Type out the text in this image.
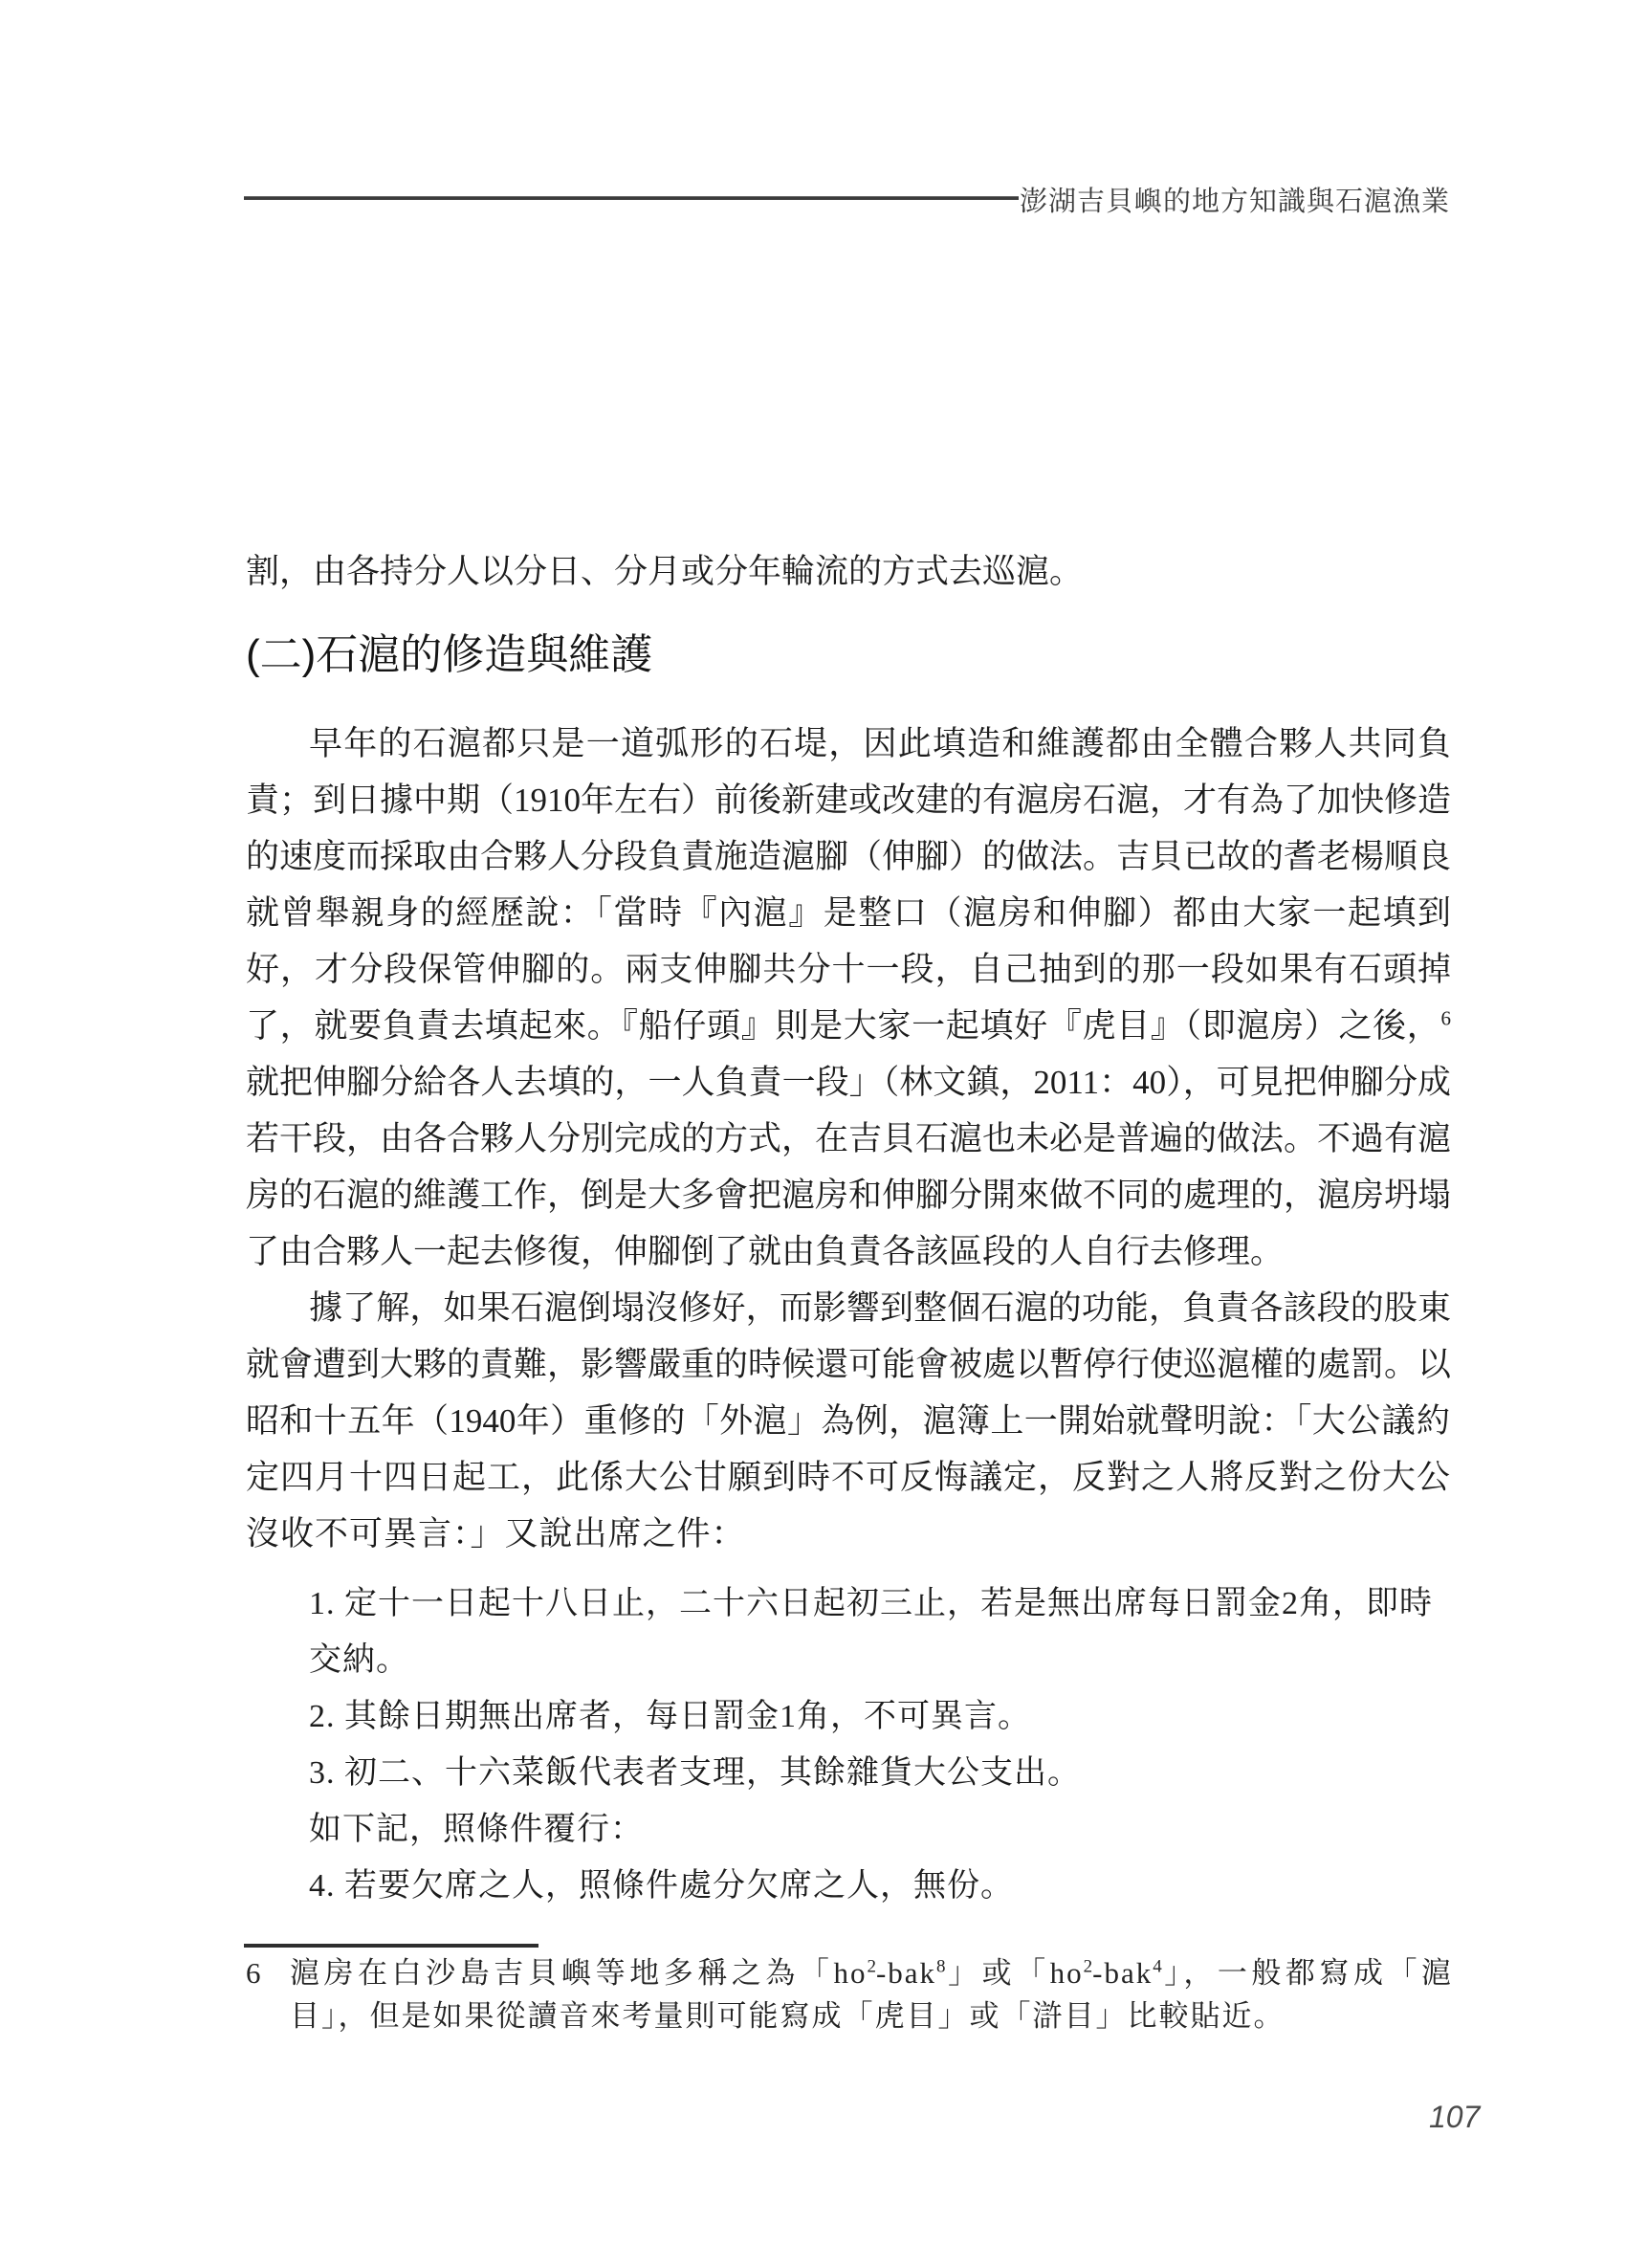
澎湖吉貝嶼的地方知識與石滬漁業
割，由各持分人以分日、分月或分年輪流的方式去巡滬。
(二)石滬的修造與維護

早年的石滬都只是一道弧形的石堤，因此填造和維護都由全體合夥人共同負責；到日據中期（1910年左右）前後新建或改建的有滬房石滬，才有為了加快修造的速度而採取由合夥人分段負責施造滬腳（伸腳）的做法。吉貝已故的耆老楊順良就曾舉親身的經歷說：「當時『內滬』是整口（滬房和伸腳）都由大家一起填到好，才分段保管伸腳的。兩支伸腳共分十一段，自己抽到的那一段如果有石頭掉了，就要負責去填起來。『船仔頭』則是大家一起填好『虎目』（即滬房）之後，$^6$就把伸腳分給各人去填的，一人負責一段」（林文鎮，2011：40），可見把伸腳分成若干段，由各合夥人分別完成的方式，在吉貝石滬也未必是普遍的做法。不過有滬房的石滬的維護工作，倒是大多會把滬房和伸腳分開來做不同的處理的，滬房坍塌了由合夥人一起去修復，伸腳倒了就由負責各該區段的人自行去修理。

據了解，如果石滬倒塌沒修好，而影響到整個石滬的功能，負責各該段的股東就會遭到大夥的責難，影響嚴重的時候還可能會被處以暫停行使巡滬權的處罰。以昭和十五年（1940年）重修的「外滬」為例，滬簿上一開始就聲明說：「大公議約定四月十四日起工，此係大公甘願到時不可反悔議定，反對之人將反對之份大公沒收不可異言：」又說出席之件：

1. 定十一日起十八日止，二十六日起初三止，若是無出席每日罰金2角，即時交納。

2. 其餘日期無出席者，每日罰金1角，不可異言。

3. 初二、十六菜飯代表者支理，其餘雜貨大公支出。

如下記，照條件覆行：

4. 若要欠席之人，照條件處分欠席之人，無份。

6 滬房在白沙島吉貝嶼等地多稱之為「ho$^2$-bak$^8$」或「ho$^2$-bak$^4$」，一般都寫成「滬目」，但是如果從讀音來考量則可能寫成「虎目」或「滸目」比較貼近。
107
